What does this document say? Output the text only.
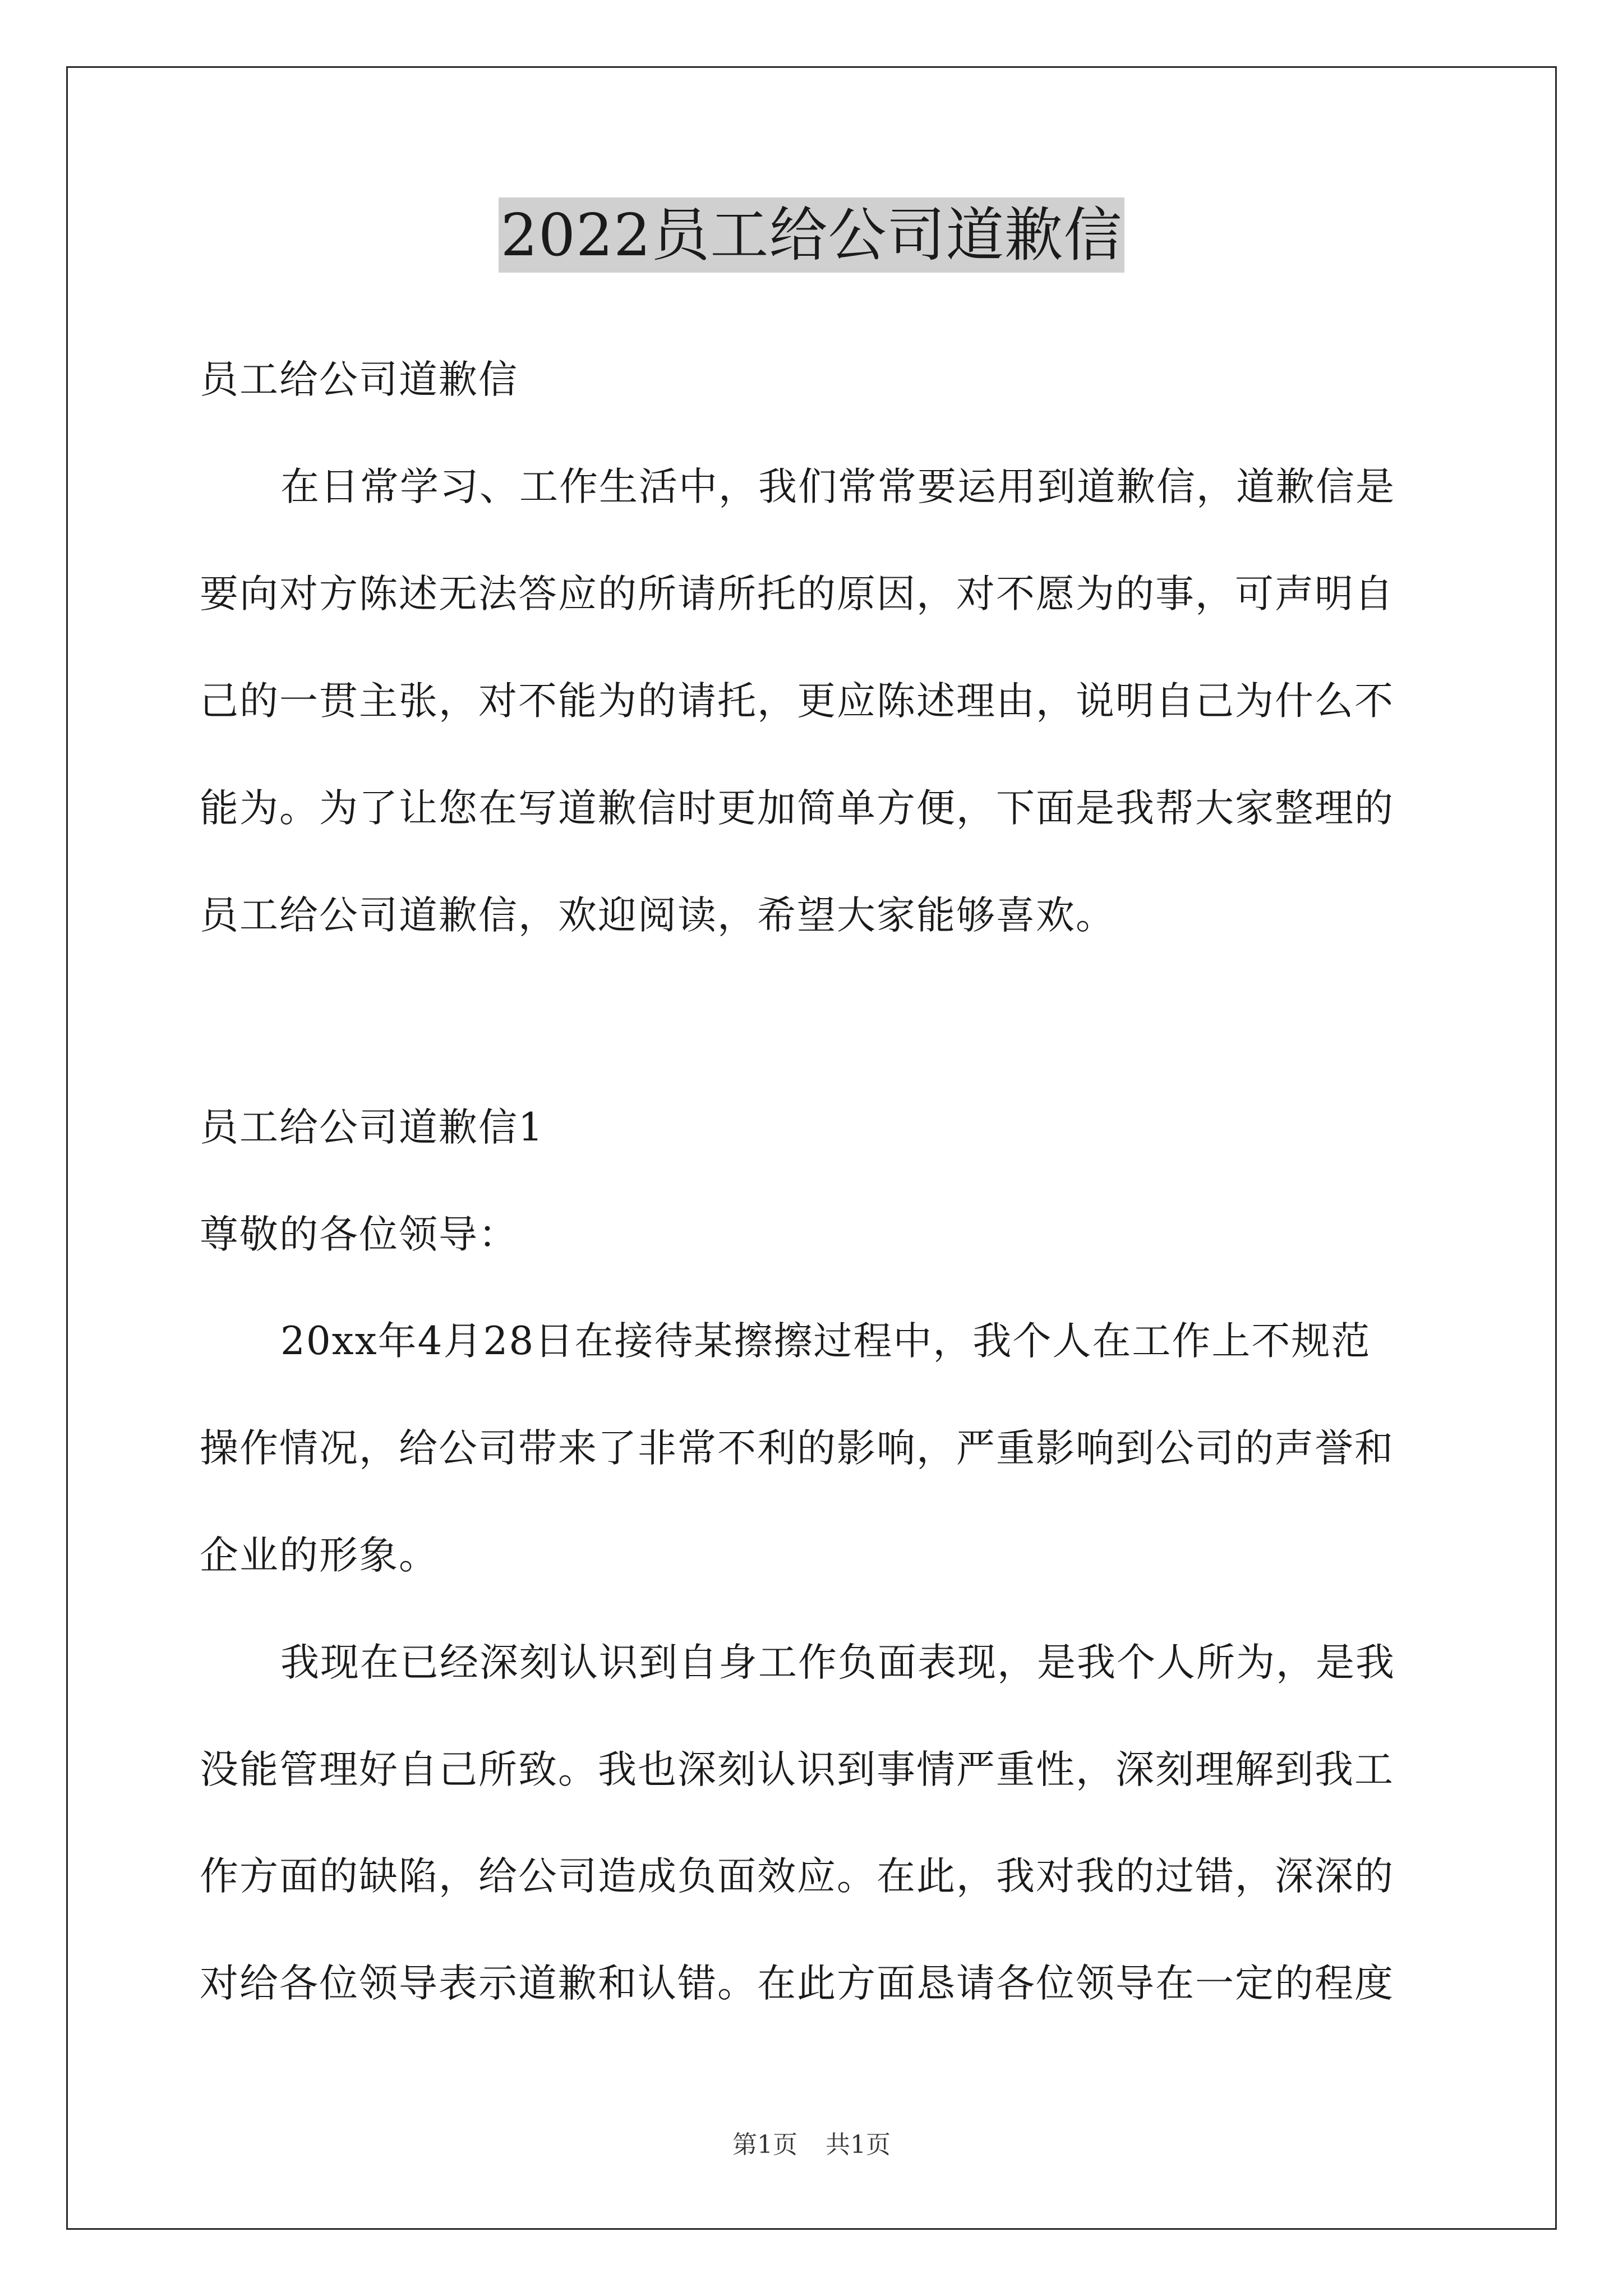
2022员工给公司道歉信
员工给公司道歉信
在日常学习、工作生活中，我们常常要运用到道歉信，道歉信是
要向对方陈述无法答应的所请所托的原因，对不愿为的事，可声明自
己的一贯主张，对不能为的请托，更应陈述理由，说明自己为什么不
能为。为了让您在写道歉信时更加简单方便，下面是我帮大家整理的
员工给公司道歉信，欢迎阅读，希望大家能够喜欢。
员工给公司道歉信1
尊敬的各位领导：
20xx年4月28日在接待某擦擦过程中，我个人在工作上不规范
操作情况，给公司带来了非常不利的影响，严重影响到公司的声誉和
企业的形象。
我现在已经深刻认识到自身工作负面表现，是我个人所为，是我
没能管理好自己所致。我也深刻认识到事情严重性，深刻理解到我工
作方面的缺陷，给公司造成负面效应。在此，我对我的过错，深深的
对给各位领导表示道歉和认错。在此方面恳请各位领导在一定的程度
第1页 共1页
